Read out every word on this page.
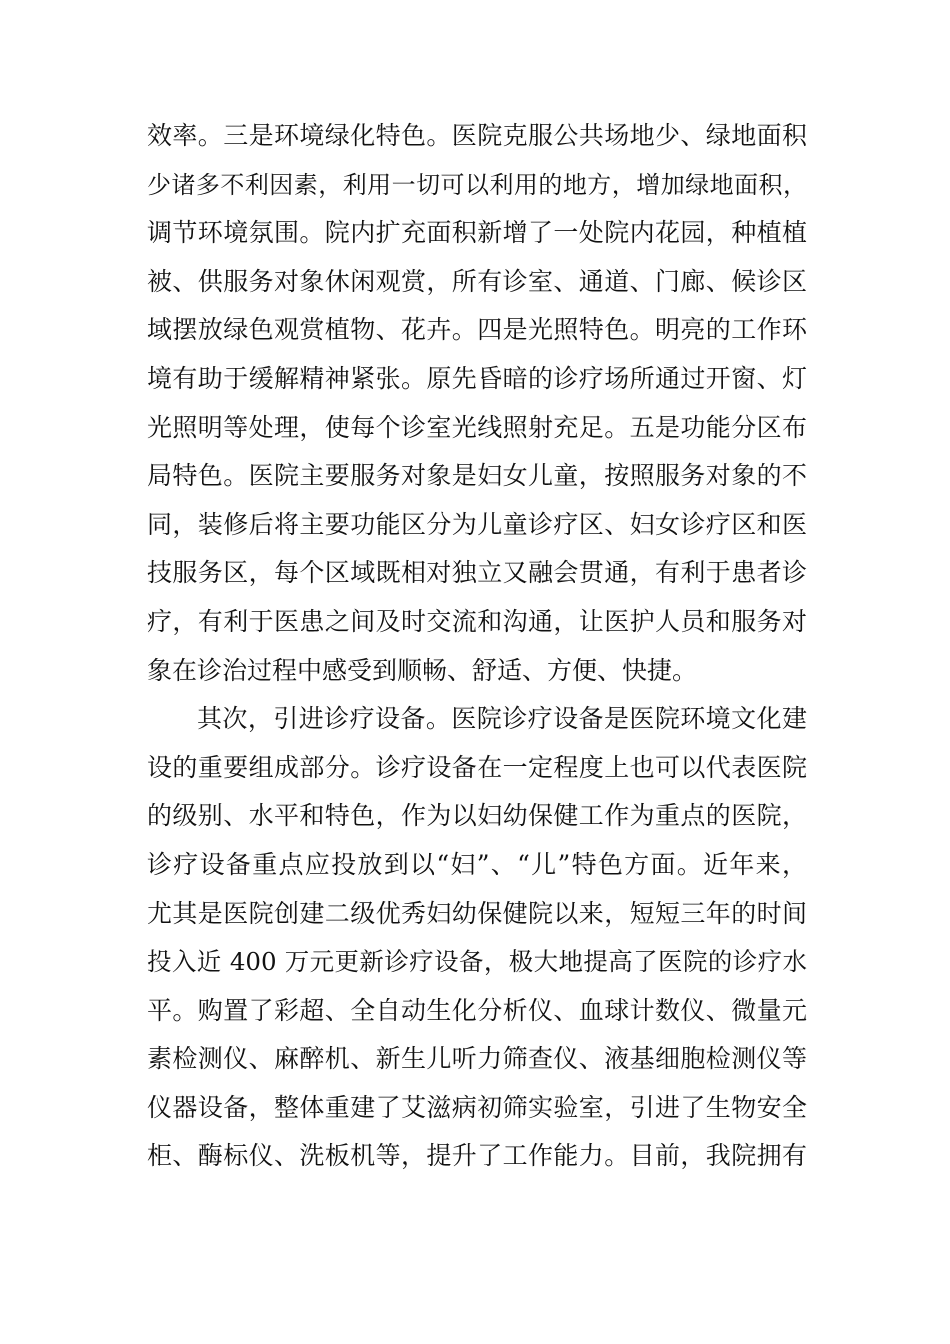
效率。三是环境绿化特色。医院克服公共场地少、绿地面积
少诸多不利因素，利用一切可以利用的地方，增加绿地面积，
调节环境氛围。院内扩充面积新增了一处院内花园，种植植
被、供服务对象休闲观赏，所有诊室、通道、门廊、候诊区
域摆放绿色观赏植物、花卉。四是光照特色。明亮的工作环
境有助于缓解精神紧张。原先昏暗的诊疗场所通过开窗、灯
光照明等处理，使每个诊室光线照射充足。五是功能分区布
局特色。医院主要服务对象是妇女儿童，按照服务对象的不
同，装修后将主要功能区分为儿童诊疗区、妇女诊疗区和医
技服务区，每个区域既相对独立又融会贯通，有利于患者诊
疗，有利于医患之间及时交流和沟通，让医护人员和服务对
象在诊治过程中感受到顺畅、舒适、方便、快捷。
其次，引进诊疗设备。医院诊疗设备是医院环境文化建
设的重要组成部分。诊疗设备在一定程度上也可以代表医院
的级别、水平和特色，作为以妇幼保健工作为重点的医院，
诊疗设备重点应投放到以“妇”、“儿”特色方面。近年来，
尤其是医院创建二级优秀妇幼保健院以来，短短三年的时间
投入近 400 万元更新诊疗设备，极大地提高了医院的诊疗水
平。购置了彩超、全自动生化分析仪、血球计数仪、微量元
素检测仪、麻醉机、新生儿听力筛查仪、液基细胞检测仪等
仪器设备，整体重建了艾滋病初筛实验室，引进了生物安全
柜、酶标仪、洗板机等，提升了工作能力。目前，我院拥有
